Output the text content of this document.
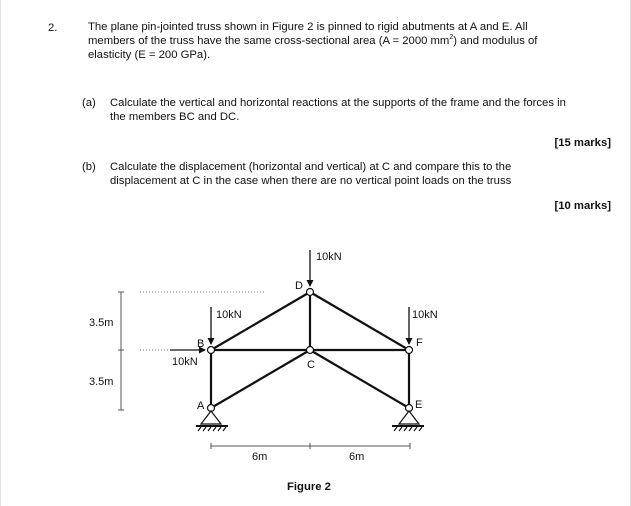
2.	The plane pin-jointed truss shown in Figure 2 is pinned to rigid abutments at A and E. All
members of the truss have the same cross-sectional area (A = 2000 $mm^2$) and modulus of
elasticity (E = 200 GPa).
(a)	Calculate the vertical and horizontal reactions at the supports of the frame and the forces in
the members BC and DC.
[15 marks]
(b)	Calculate the displacement (horizontal and vertical) at C and compare this to the
displacement at C in the case when there are no vertical point loads on the truss
[10 marks]
10kN
10kN
10kN
10kN
D
B
C
F
A	E
3.5m
3.5m
6m	6m
Figure 2
